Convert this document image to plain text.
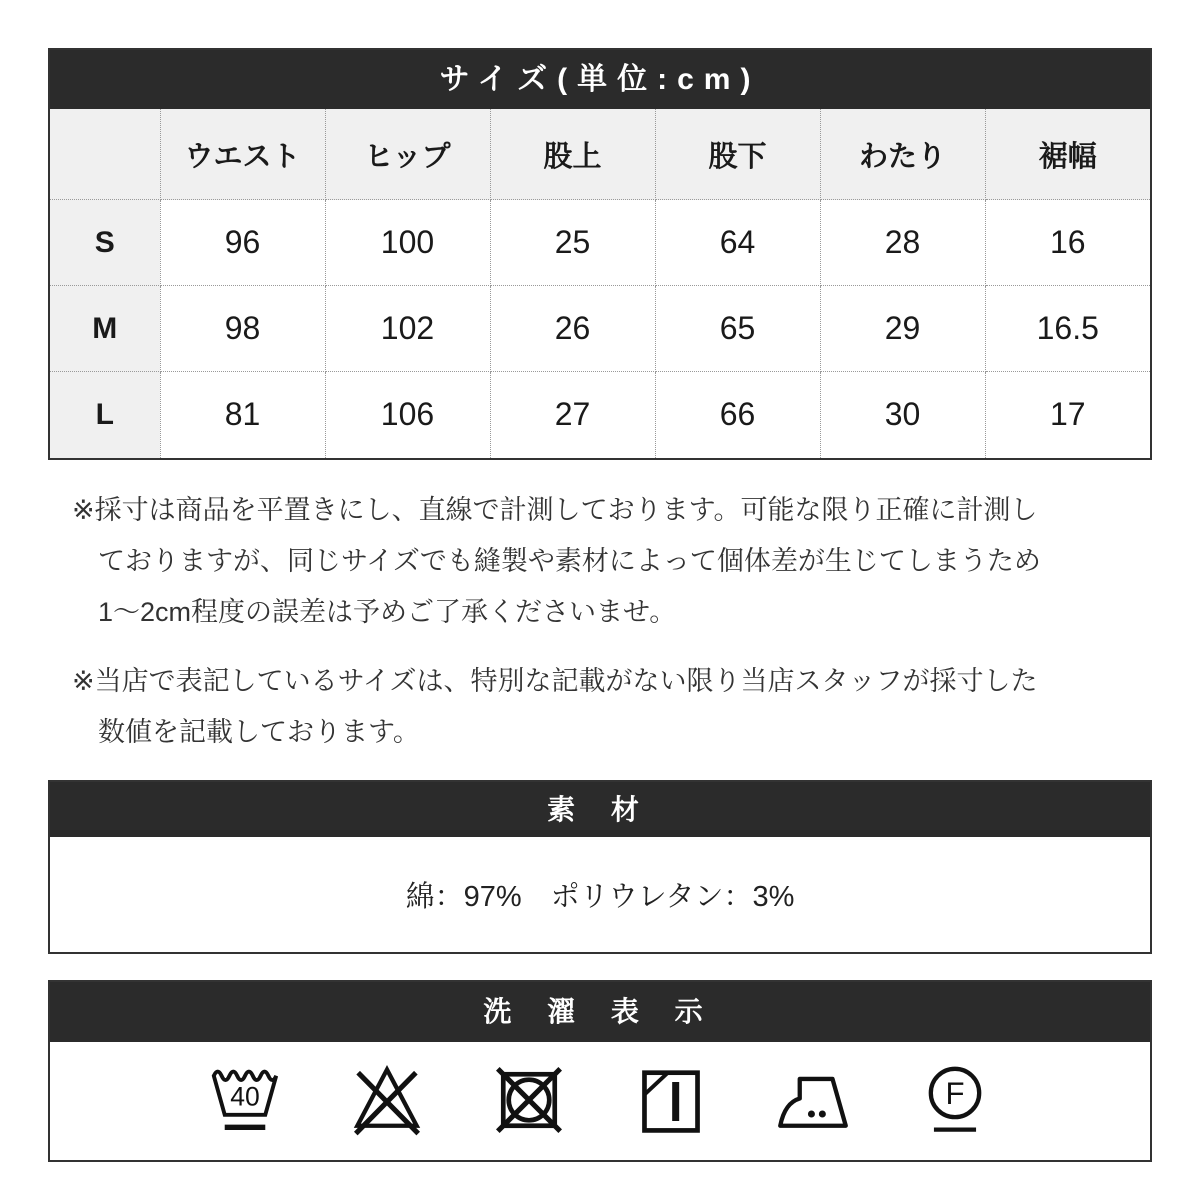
サイズ(単位:cm)
	ウエスト	ヒップ	股上	股下	わたり	裾幅
S	96	100	25	64	28	16
M	98	102	26	65	29	16.5
L	81	106	27	66	30	17
※採寸は商品を平置きにし、直線で計測しております。可能な限り正確に計測し
ておりますが、同じサイズでも縫製や素材によって個体差が生じてしまうため
1～2cm程度の誤差は予めご了承くださいませ。
※当店で表記しているサイズは、特別な記載がない限り当店スタッフが採寸した
数値を記載しております。
素 材
綿：97%　ポリウレタン：3%
洗 濯 表 示
40	F
